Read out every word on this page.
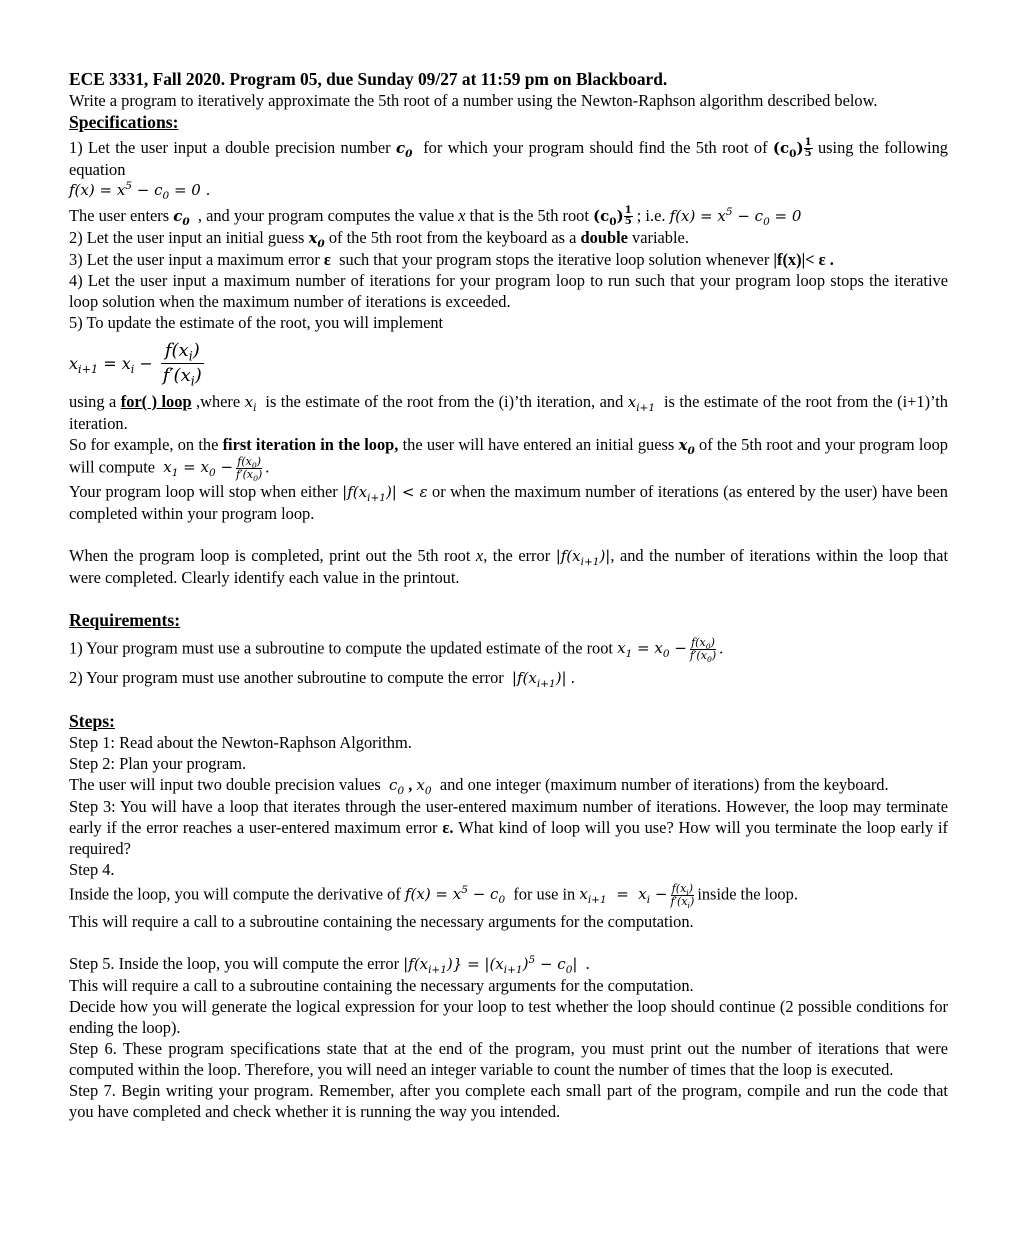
ECE 3331, Fall 2020. Program 05, due Sunday 09/27 at 11:59 pm on Blackboard.

Write a program to iteratively approximate the 5th root of a number using the Newton-Raphson algorithm described below.

Specifications:

1) Let the user input a double precision number $c_0$ for which your program should find the 5th root of $(c_0) \frac{1}{5}$ using the following equation

$f(x) = x^5 - c_0 = 0$ .

The user enters $c_0$ , and your program computes the value x that is the 5th root $(c_0) \frac{1}{5}$ ; i.e. $f(x) = x^5 - c_0 = 0$

2) Let the user input an initial guess $x_0$ of the 5th root from the keyboard as a double variable.

3) Let the user input a maximum error ε such that your program stops the iterative loop solution whenever |f(x)|< ε .

4) Let the user input a maximum number of iterations for your program loop to run such that your program loop stops the iterative loop solution when the maximum number of iterations is exceeded.

5) To update the estimate of the root, you will implement

$x_{i+1} = x_i - \frac{f(x_i)}{f'(x_i)}$

using a for( ) loop ,where $x_i$ is the estimate of the root from the (i)’th iteration, and $x_{i+1}$ is the estimate of the root from the (i+1)’th iteration.

So for example, on the first iteration in the loop, the user will have entered an initial guess $x_0$ of the 5th root and your program loop will compute $x_1 = x_0 - \frac{f(x_0)}{f'(x_0)}$ .

Your program loop will stop when either $|f(x_{i+1})| < \varepsilon$ or when the maximum number of iterations (as entered by the user) have been completed within your program loop.

When the program loop is completed, print out the 5th root x, the error $|f(x_{i+1})|$, and the number of iterations within the loop that were completed. Clearly identify each value in the printout.

Requirements:

1) Your program must use a subroutine to compute the updated estimate of the root $x_1 = x_0 - \frac{f(x_0)}{f'(x_0)}$ .

2) Your program must use another subroutine to compute the error $|f(x_{i+1})|$ .

Steps:

Step 1: Read about the Newton-Raphson Algorithm.

Step 2: Plan your program.

The user will input two double precision values $c_0$ , $x_0$ and one integer (maximum number of iterations) from the keyboard.

Step 3: You will have a loop that iterates through the user-entered maximum number of iterations. However, the loop may terminate early if the error reaches a user-entered maximum error ε. What kind of loop will you use? How will you terminate the loop early if required?

Step 4.

Inside the loop, you will compute the derivative of $f(x) = x^5 - c_0$ for use in $x_{i+1} = x_i - \frac{f(x_i)}{f'(x_i)}$ inside the loop.

This will require a call to a subroutine containing the necessary arguments for the computation.

Step 5. Inside the loop, you will compute the error $|f(x_{i+1})\} = |(x_{i+1})^5 - c_0|$  .

This will require a call to a subroutine containing the necessary arguments for the computation.

Decide how you will generate the logical expression for your loop to test whether the loop should continue (2 possible conditions for ending the loop).

Step 6. These program specifications state that at the end of the program, you must print out the number of iterations that were computed within the loop. Therefore, you will need an integer variable to count the number of times that the loop is executed.

Step 7. Begin writing your program. Remember, after you complete each small part of the program, compile and run the code that you have completed and check whether it is running the way you intended.
